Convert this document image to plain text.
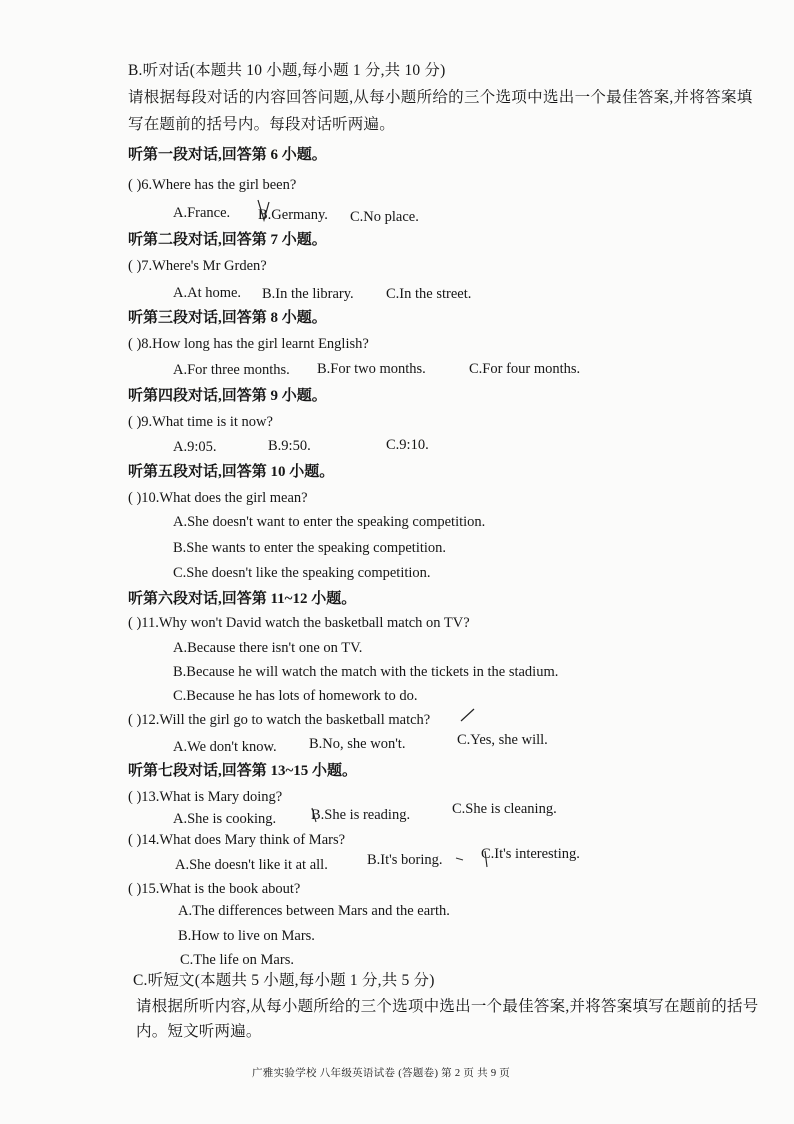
B.听对话(本题共 10 小题,每小题 1 分,共 10 分)
请根据每段对话的内容回答问题,从每小题所给的三个选项中选出一个最佳答案,并将答案填
写在题前的括号内。每段对话听两遍。
听第一段对话,回答第 6 小题。
( )6.Where has the girl been?
A.France. B.Germany. C.No place.
听第二段对话,回答第 7 小题。
( )7.Where's Mr Grden?
A.At home. B.In the library. C.In the street.
听第三段对话,回答第 8 小题。
( )8.How long has the girl learnt English?
A.For three months. B.For two months.	C.For four months.
听第四段对话,回答第 9 小题。
( )9.What time is it now?
A.9:05.	B.9:50.	C.9:10.
听第五段对话,回答第 10 小题。
( )10.What does the girl mean?
A.She doesn't want to enter the speaking competition.
B.She wants to enter the speaking competition.
C.She doesn't like the speaking competition.
听第六段对话,回答第 11~12 小题。
( )11.Why won't David watch the basketball match on TV?
A.Because there isn't one on TV.
B.Because he will watch the match with the tickets in the stadium.
C.Because he has lots of homework to do.
( )12.Will the girl go to watch the basketball match?
A.We don't know. B.No, she won't.	C.Yes, she will.
听第七段对话,回答第 13~15 小题。
( )13.What is Mary doing?
A.She is cooking. B.She is reading.	C.She is cleaning.
( )14.What does Mary think of Mars?
A.She doesn't like it at all.	B.It's boring.	C.It's interesting.
( )15.What is the book about?
A.The differences between Mars and the earth.
B.How to live on Mars.
C.The life on Mars.
C.听短文(本题共 5 小题,每小题 1 分,共 5 分)
请根据所听内容,从每小题所给的三个选项中选出一个最佳答案,并将答案填写在题前的括号
内。短文听两遍。
广雅实验学校 八年级英语试卷 (答题卷) 第 2 页 共 9 页
